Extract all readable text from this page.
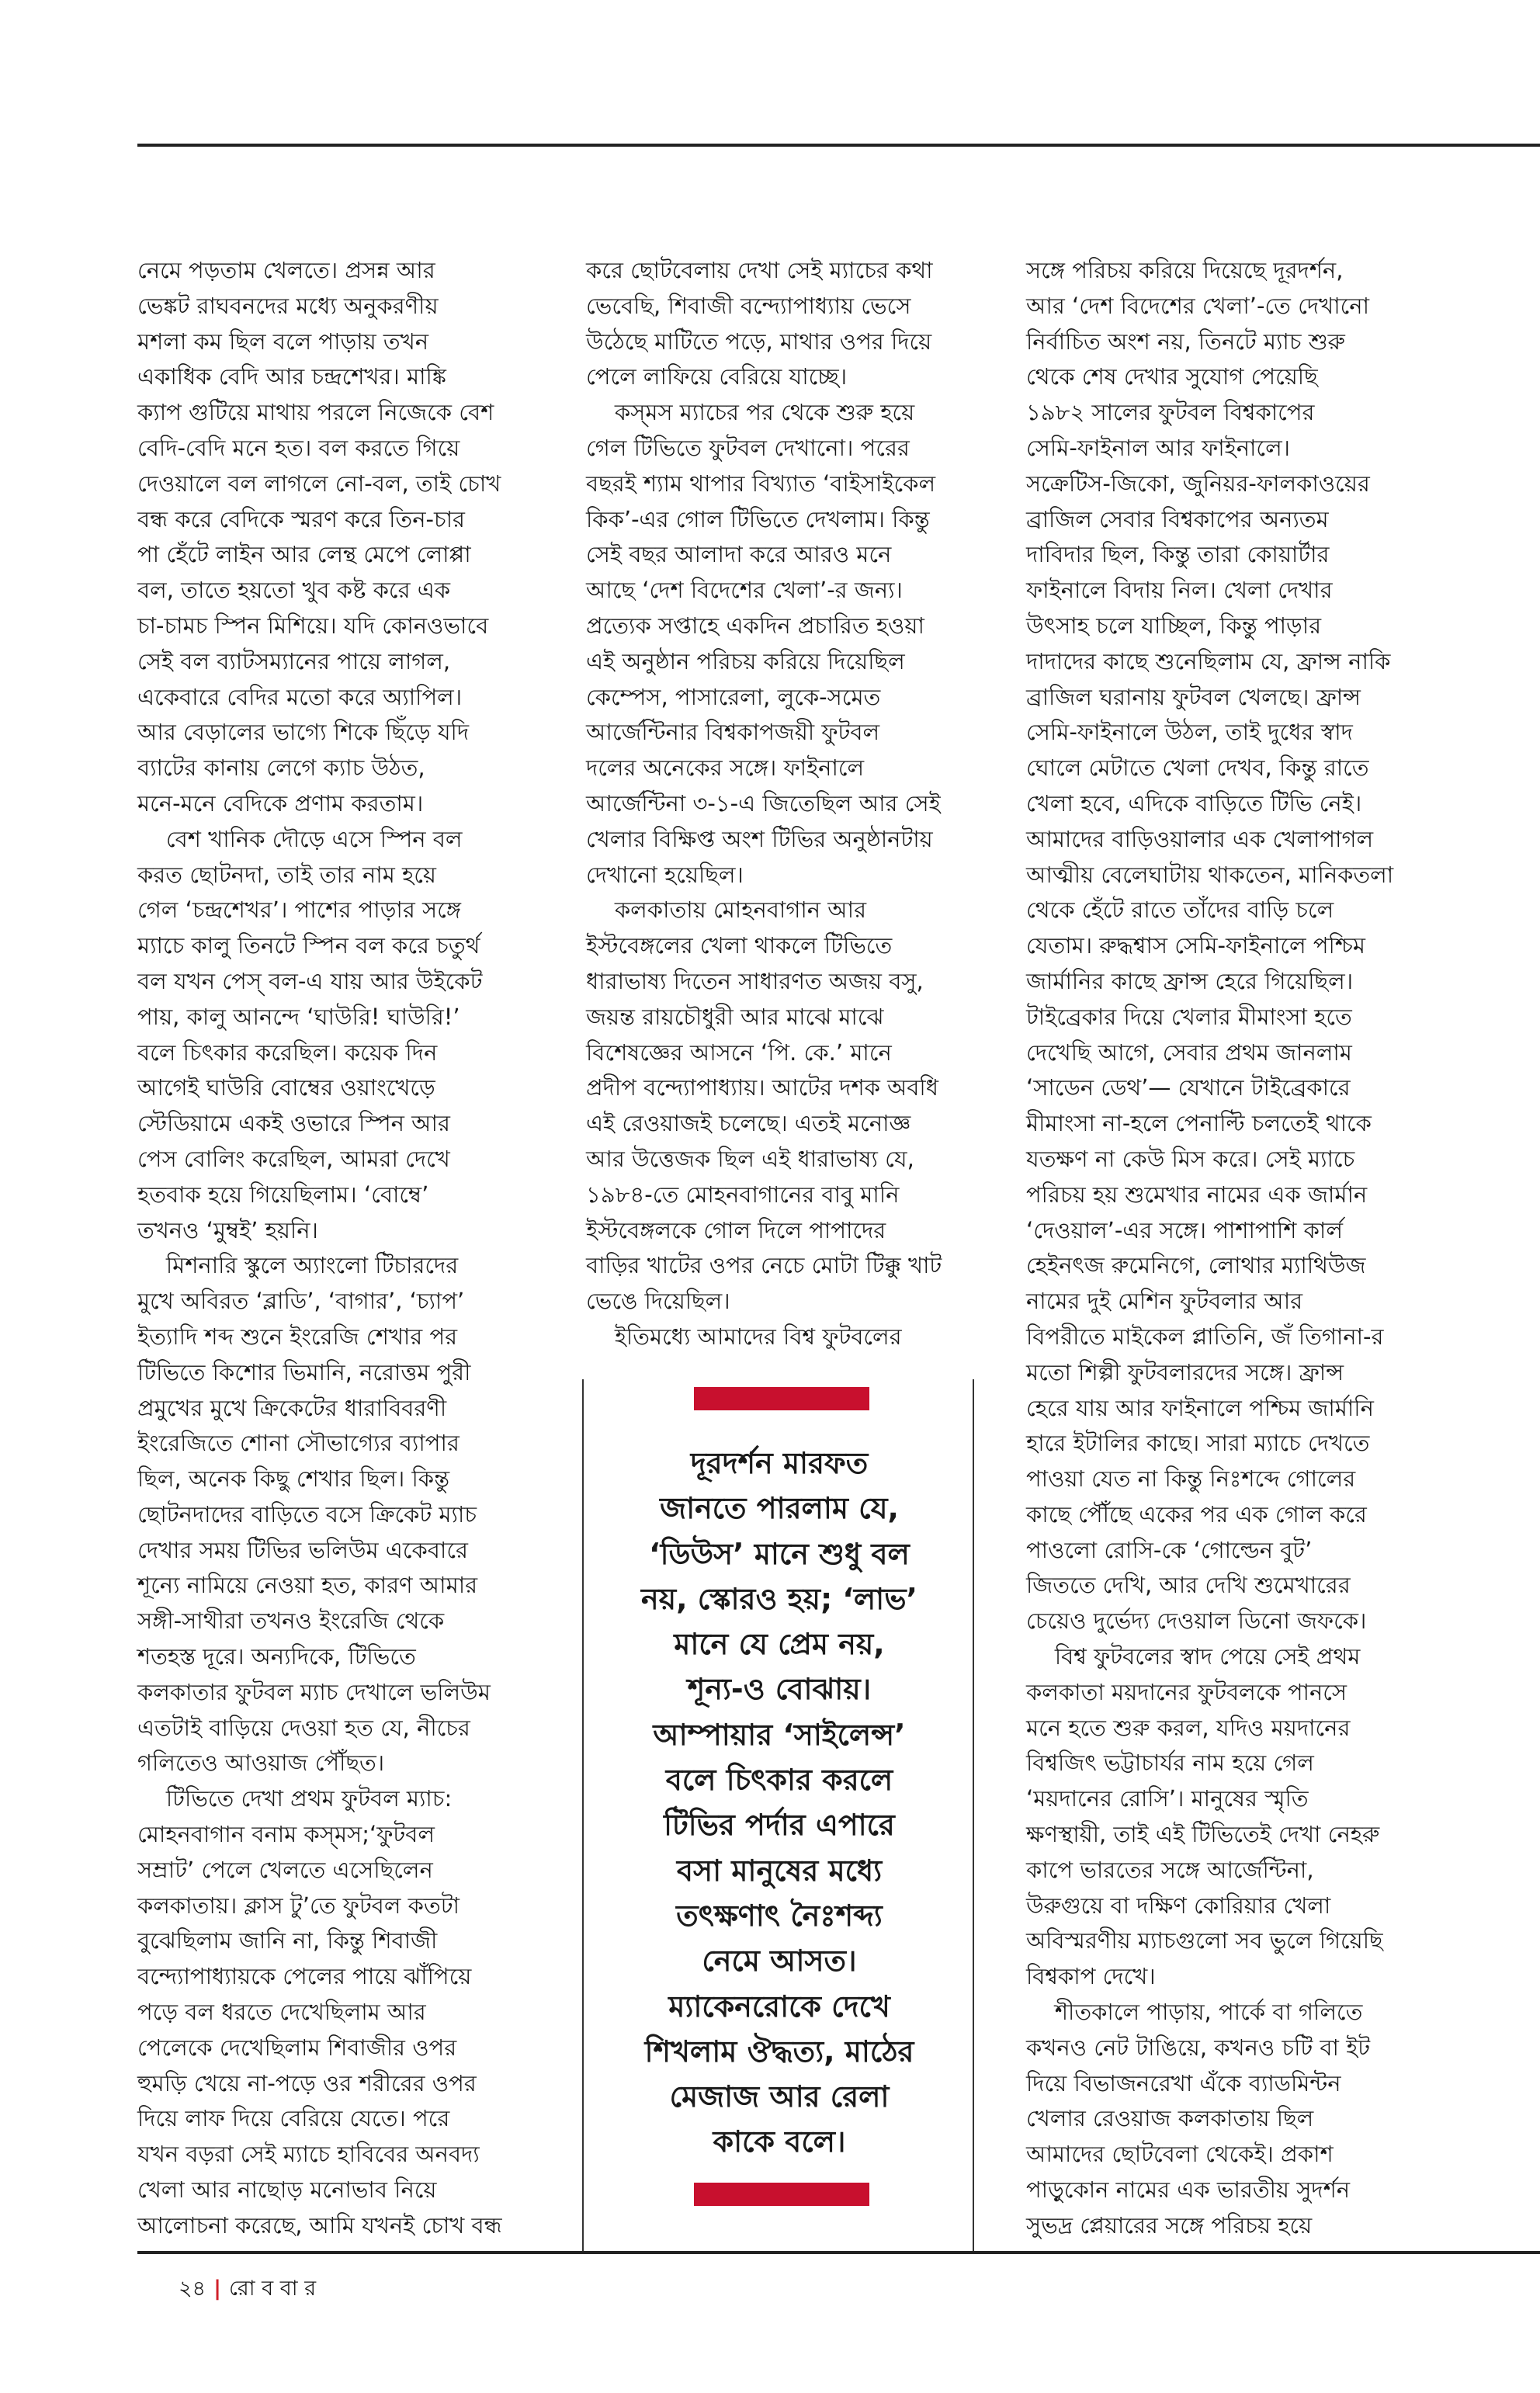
নেমে পড়তাম খেলতে। প্রসন্ন আর
ভেঙ্কট রাঘবনদের মধ্যে অনুকরণীয়
মশলা কম ছিল বলে পাড়ায় তখন
একাধিক বেদি আর চন্দ্রশেখর। মাঙ্কি
ক্যাপ গুটিয়ে মাথায় পরলে নিজেকে বেশ
বেদি-বেদি মনে হত। বল করতে গিয়ে
দেওয়ালে বল লাগলে নো-বল, তাই চোখ
বন্ধ করে বেদিকে স্মরণ করে তিন-চার
পা হেঁটে লাইন আর লেন্থ মেপে লোপ্পা
বল, তাতে হয়তো খুব কষ্ট করে এক
চা-চামচ স্পিন মিশিয়ে। যদি কোনওভাবে
সেই বল ব্যাটসম্যানের পায়ে লাগল,
একেবারে বেদির মতো করে অ্যাপিল।
আর বেড়ালের ভাগ্যে শিকে ছিঁড়ে যদি
ব্যাটের কানায় লেগে ক্যাচ উঠত,
মনে-মনে বেদিকে প্রণাম করতাম।
বেশ খানিক দৌড়ে এসে স্পিন বল
করত ছোটনদা, তাই তার নাম হয়ে
গেল ‘চন্দ্রশেখর’। পাশের পাড়ার সঙ্গে
ম্যাচে কালু তিনটে স্পিন বল করে চতুর্থ
বল যখন পেস্ বল-এ যায় আর উইকেট
পায়, কালু আনন্দে ‘ঘাউরি! ঘাউরি!’
বলে চিৎকার করেছিল। কয়েক দিন
আগেই ঘাউরি বোম্বের ওয়াংখেড়ে
স্টেডিয়ামে একই ওভারে স্পিন আর
পেস বোলিং করেছিল, আমরা দেখে
হতবাক হয়ে গিয়েছিলাম। ‘বোম্বে’
তখনও ‘মুম্বই’ হয়নি।
মিশনারি স্কুলে অ্যাংলো টিচারদের
মুখে অবিরত ‘ব্লাডি’, ‘বাগার’, ‘চ্যাপ’
ইত্যাদি শব্দ শুনে ইংরেজি শেখার পর
টিভিতে কিশোর ভিমানি, নরোত্তম পুরী
প্রমুখের মুখে ক্রিকেটের ধারাবিবরণী
ইংরেজিতে শোনা সৌভাগ্যের ব্যাপার
ছিল, অনেক কিছু শেখার ছিল। কিন্তু
ছোটনদাদের বাড়িতে বসে ক্রিকেট ম্যাচ
দেখার সময় টিভির ভলিউম একেবারে
শূন্যে নামিয়ে নেওয়া হত, কারণ আমার
সঙ্গী-সাথীরা তখনও ইংরেজি থেকে
শতহস্ত দূরে। অন্যদিকে, টিভিতে
কলকাতার ফুটবল ম্যাচ দেখালে ভলিউম
এতটাই বাড়িয়ে দেওয়া হত যে, নীচের
গলিতেও আওয়াজ পৌঁছত।
টিভিতে দেখা প্রথম ফুটবল ম্যাচ:
মোহনবাগান বনাম কস্‌মস;‘ফুটবল
সম্রাট’ পেলে খেলতে এসেছিলেন
কলকাতায়। ক্লাস টু’তে ফুটবল কতটা
বুঝেছিলাম জানি না, কিন্তু শিবাজী
বন্দ্যোপাধ্যায়কে পেলের পায়ে ঝাঁপিয়ে
পড়ে বল ধরতে দেখেছিলাম আর
পেলেকে দেখেছিলাম শিবাজীর ওপর
হুমড়ি খেয়ে না-পড়ে ওর শরীরের ওপর
দিয়ে লাফ দিয়ে বেরিয়ে যেতে। পরে
যখন বড়রা সেই ম্যাচে হাবিবের অনবদ্য
খেলা আর নাছোড় মনোভাব নিয়ে
আলোচনা করেছে, আমি যখনই চোখ বন্ধ
করে ছোটবেলায় দেখা সেই ম্যাচের কথা
ভেবেছি, শিবাজী বন্দ্যোপাধ্যায় ভেসে
উঠেছে মাটিতে পড়ে, মাথার ওপর দিয়ে
পেলে লাফিয়ে বেরিয়ে যাচ্ছে।
কস্‌মস ম্যাচের পর থেকে শুরু হয়ে
গেল টিভিতে ফুটবল দেখানো। পরের
বছরই শ্যাম থাপার বিখ্যাত ‘বাইসাইকেল
কিক’-এর গোল টিভিতে দেখলাম। কিন্তু
সেই বছর আলাদা করে আরও মনে
আছে ‘দেশ বিদেশের খেলা’-র জন্য।
প্রত্যেক সপ্তাহে একদিন প্রচারিত হওয়া
এই অনুষ্ঠান পরিচয় করিয়ে দিয়েছিল
কেম্পেস, পাসারেলা, লুকে-সমেত
আর্জেন্টিনার বিশ্বকাপজয়ী ফুটবল
দলের অনেকের সঙ্গে। ফাইনালে
আর্জেন্টিনা ৩-১-এ জিতেছিল আর সেই
খেলার বিক্ষিপ্ত অংশ টিভির অনুষ্ঠানটায়
দেখানো হয়েছিল।
কলকাতায় মোহনবাগান আর
ইস্টবেঙ্গলের খেলা থাকলে টিভিতে
ধারাভাষ্য দিতেন সাধারণত অজয় বসু,
জয়ন্ত রায়চৌধুরী আর মাঝে মাঝে
বিশেষজ্ঞের আসনে ‘পি. কে.’ মানে
প্রদীপ বন্দ্যোপাধ্যায়। আটের দশক অবধি
এই রেওয়াজই চলেছে। এতই মনোজ্ঞ
আর উত্তেজক ছিল এই ধারাভাষ্য যে,
১৯৮৪-তে মোহনবাগানের বাবু মানি
ইস্টবেঙ্গলকে গোল দিলে পাপাদের
বাড়ির খাটের ওপর নেচে মোটা টিক্কু খাট
ভেঙে দিয়েছিল।
ইতিমধ্যে আমাদের বিশ্ব ফুটবলের
সঙ্গে পরিচয় করিয়ে দিয়েছে দূরদর্শন,
আর ‘দেশ বিদেশের খেলা’-তে দেখানো
নির্বাচিত অংশ নয়, তিনটে ম্যাচ শুরু
থেকে শেষ দেখার সুযোগ পেয়েছি
১৯৮২ সালের ফুটবল বিশ্বকাপের
সেমি-ফাইনাল আর ফাইনালে।
সক্রেটিস-জিকো, জুনিয়র-ফালকাওয়ের
ব্রাজিল সেবার বিশ্বকাপের অন্যতম
দাবিদার ছিল, কিন্তু তারা কোয়ার্টার
ফাইনালে বিদায় নিল। খেলা দেখার
উৎসাহ চলে যাচ্ছিল, কিন্তু পাড়ার
দাদাদের কাছে শুনেছিলাম যে, ফ্রান্স নাকি
ব্রাজিল ঘরানায় ফুটবল খেলছে। ফ্রান্স
সেমি-ফাইনালে উঠল, তাই দুধের স্বাদ
ঘোলে মেটাতে খেলা দেখব, কিন্তু রাতে
খেলা হবে, এদিকে বাড়িতে টিভি নেই।
আমাদের বাড়িওয়ালার এক খেলাপাগল
আত্মীয় বেলেঘাটায় থাকতেন, মানিকতলা
থেকে হেঁটে রাতে তাঁদের বাড়ি চলে
যেতাম। রুদ্ধশ্বাস সেমি-ফাইনালে পশ্চিম
জার্মানির কাছে ফ্রান্স হেরে গিয়েছিল।
টাইব্রেকার দিয়ে খেলার মীমাংসা হতে
দেখেছি আগে, সেবার প্রথম জানলাম
‘সাডেন ডেথ’— যেখানে টাইব্রেকারে
মীমাংসা না-হলে পেনাল্টি চলতেই থাকে
যতক্ষণ না কেউ মিস করে। সেই ম্যাচে
পরিচয় হয় শুমেখার নামের এক জার্মান
‘দেওয়াল’-এর সঙ্গে। পাশাপাশি কার্ল
হেইনৎজ রুমেনিগে, লোথার ম্যাথিউজ
নামের দুই মেশিন ফুটবলার আর
বিপরীতে মাইকেল প্লাতিনি, জঁ তিগানা-র
মতো শিল্পী ফুটবলারদের সঙ্গে। ফ্রান্স
হেরে যায় আর ফাইনালে পশ্চিম জার্মানি
হারে ইটালির কাছে। সারা ম্যাচে দেখতে
পাওয়া যেত না কিন্তু নিঃশব্দে গোলের
কাছে পৌঁছে একের পর এক গোল করে
পাওলো রোসি-কে ‘গোল্ডেন বুট’
জিততে দেখি, আর দেখি শুমেখারের
চেয়েও দুর্ভেদ্য দেওয়াল ডিনো জফকে।
বিশ্ব ফুটবলের স্বাদ পেয়ে সেই প্রথম
কলকাতা ময়দানের ফুটবলকে পানসে
মনে হতে শুরু করল, যদিও ময়দানের
বিশ্বজিৎ ভট্টাচার্যর নাম হয়ে গেল
‘ময়দানের রোসি’। মানুষের স্মৃতি
ক্ষণস্থায়ী, তাই এই টিভিতেই দেখা নেহরু
কাপে ভারতের সঙ্গে আর্জেন্টিনা,
উরুগুয়ে বা দক্ষিণ কোরিয়ার খেলা
অবিস্মরণীয় ম্যাচগুলো সব ভুলে গিয়েছি
বিশ্বকাপ দেখে।
শীতকালে পাড়ায়, পার্কে বা গলিতে
কখনও নেট টাঙিয়ে, কখনও চটি বা ইট
দিয়ে বিভাজনরেখা এঁকে ব্যাডমিন্টন
খেলার রেওয়াজ কলকাতায় ছিল
আমাদের ছোটবেলা থেকেই। প্রকাশ
পাড়ুকোন নামের এক ভারতীয় সুদর্শন
সুভদ্র প্লেয়ারের সঙ্গে পরিচয় হয়ে
দূরদর্শন মারফত
জানতে পারলাম যে,
‘ডিউস’ মানে শুধু বল
নয়, স্কোরও হয়; ‘লাভ’
মানে যে প্রেম নয়,
শূন্য-ও বোঝায়।
আম্পায়ার ‘সাইলেন্স’
বলে চিৎকার করলে
টিভির পর্দার এপারে
বসা মানুষের মধ্যে
তৎক্ষণাৎ নৈঃশব্দ্য
নেমে আসত।
ম্যাকেনরোকে দেখে
শিখলাম ঔদ্ধত্য, মাঠের
মেজাজ আর রেলা
কাকে বলে।
২৪ | রো ব বা র
